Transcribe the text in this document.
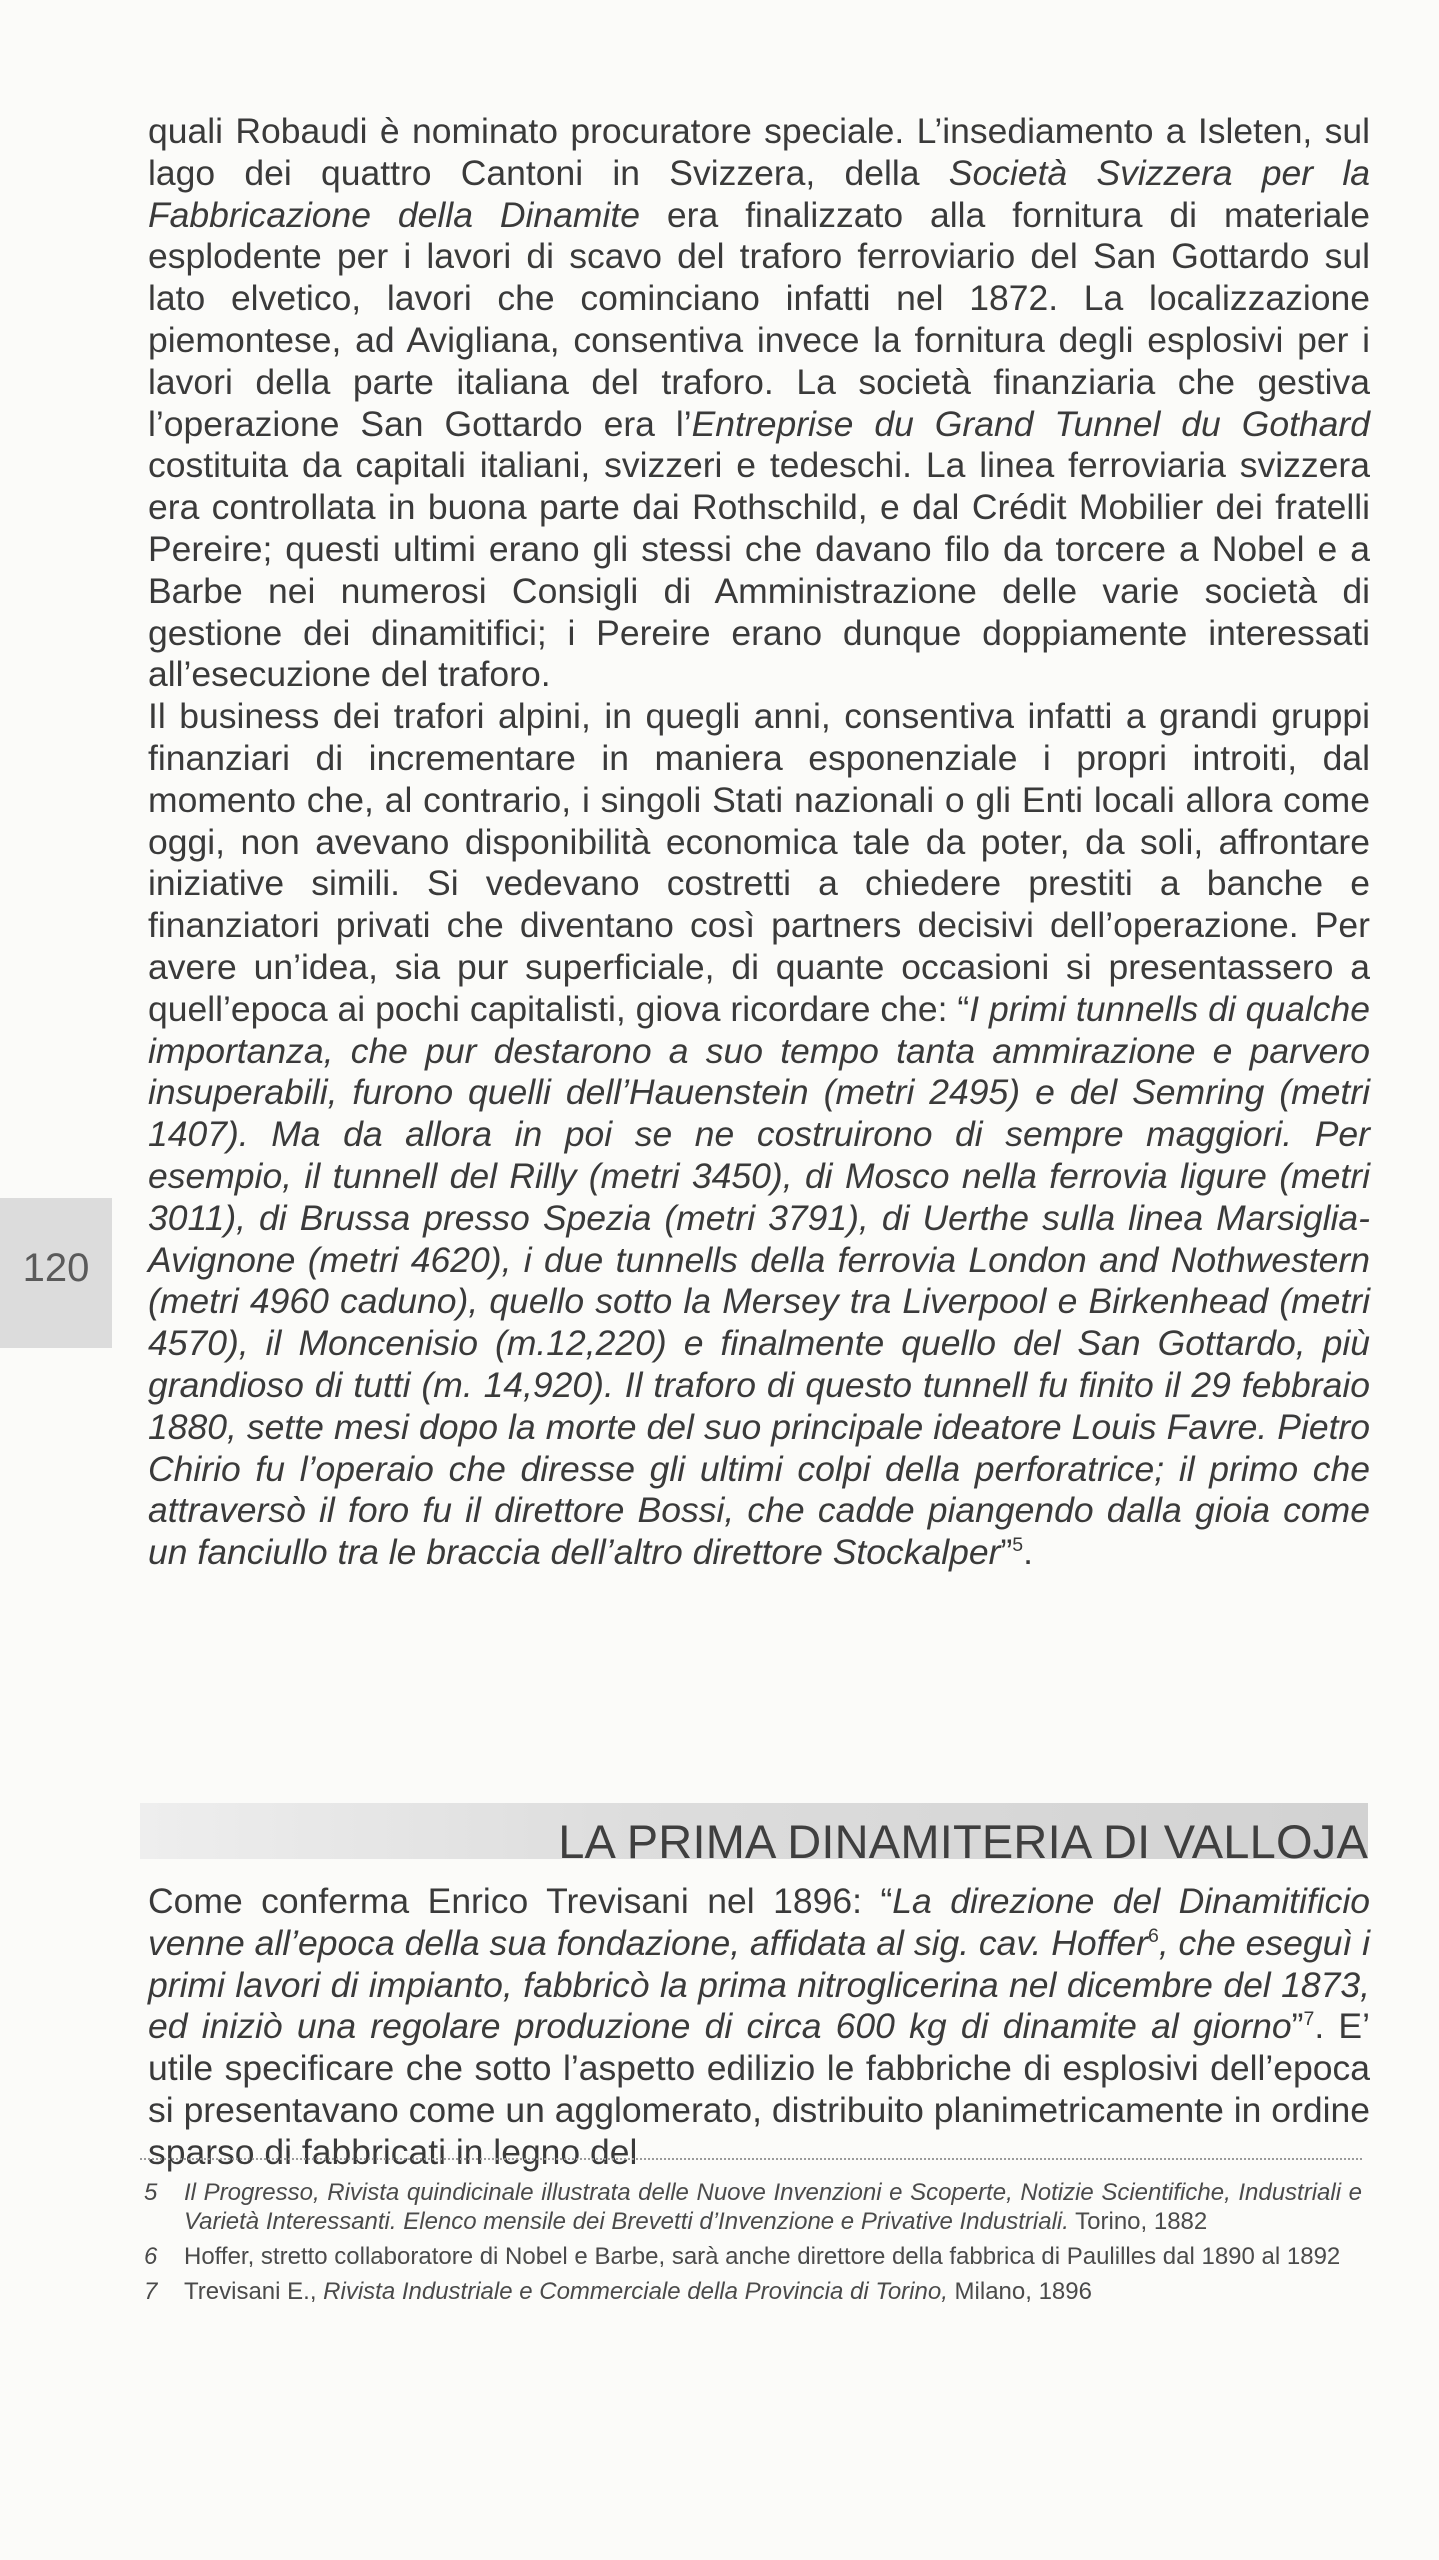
120

quali Robaudi è nominato procuratore speciale. L’insediamento a Isleten, sul lago dei quattro Cantoni in Svizzera, della Società Svizzera per la Fabbricazione della Dinamite era finalizzato alla fornitura di materiale esplodente per i lavori di scavo del traforo ferroviario del San Gottardo sul lato elvetico, lavori che cominciano infatti nel 1872. La localizzazione piemontese, ad Avigliana, consentiva invece la fornitura degli esplosivi per i lavori della parte italiana del traforo. La società finanziaria che gestiva l’operazione San Gottardo era l’Entreprise du Grand Tunnel du Gothard costituita da capitali italiani, svizzeri e tedeschi. La linea ferroviaria svizzera era controllata in buona parte dai Rothschild, e dal Crédit Mobilier dei fratelli Pereire; questi ultimi erano gli stessi che davano filo da torcere a Nobel e a Barbe nei numerosi Consigli di Amministrazione delle varie società di gestione dei dinamitifici; i Pereire erano dunque doppiamente interessati all’esecuzione del traforo.

Il business dei trafori alpini, in quegli anni, consentiva infatti a grandi gruppi finanziari di incrementare in maniera esponenziale i propri introiti, dal momento che, al contrario, i singoli Stati nazionali o gli Enti locali allora come oggi, non avevano disponibilità economica tale da poter, da soli, affrontare iniziative simili. Si vedevano costretti a chiedere prestiti a banche e finanziatori privati che diventano così partners decisivi dell’operazione. Per avere un’idea, sia pur superficiale, di quante occasioni si presentassero a quell’epoca ai pochi capitalisti, giova ricordare che: “I primi tunnells di qualche importanza, che pur destarono a suo tempo tanta ammirazione e parvero insuperabili, furono quelli dell’Hauenstein (metri 2495) e del Semring (metri 1407). Ma da allora in poi se ne costruirono di sempre maggiori. Per esempio, il tunnell del Rilly (metri 3450), di Mosco nella ferrovia ligure (metri 3011), di Brussa presso Spezia (metri 3791), di Uerthe sulla linea Marsiglia-Avignone (metri 4620), i due tunnells della ferrovia London and Nothwestern (metri 4960 caduno), quello sotto la Mersey tra Liverpool e Birkenhead (metri 4570), il Moncenisio (m.12,220) e finalmente quello del San Gottardo, più grandioso di tutti (m. 14,920). Il traforo di questo tunnell fu finito il 29 febbraio 1880, sette mesi dopo la morte del suo principale ideatore Louis Favre. Pietro Chirio fu l’operaio che diresse gli ultimi colpi della perforatrice; il primo che attraversò il foro fu il direttore Bossi, che cadde piangendo dalla gioia come un fanciullo tra le braccia dell’altro direttore Stockalper”$^5$.

LA PRIMA DINAMITERIA DI VALLOJA

Come conferma Enrico Trevisani nel 1896: “La direzione del Dinamitificio venne all’epoca della sua fondazione, affidata al sig. cav. Hoffer$^6$, che eseguì i primi lavori di impianto, fabbricò la prima nitroglicerina nel dicembre del 1873, ed iniziò una regolare produzione di circa 600 kg di dinamite al giorno”$^7$. E’ utile specificare che sotto l’aspetto edilizio le fabbriche di esplosivi dell’epoca si presentavano come un agglomerato, distribuito planimetricamente in ordine sparso di fabbricati in legno del

5 Il Progresso, Rivista quindicinale illustrata delle Nuove Invenzioni e Scoperte, Notizie Scientifiche, Industriali e Varietà Interessanti. Elenco mensile dei Brevetti d’Invenzione e Privative Industriali. Torino, 1882
6 Hoffer, stretto collaboratore di Nobel e Barbe, sarà anche direttore della fabbrica di Paulilles dal 1890 al 1892
7 Trevisani E., Rivista Industriale e Commerciale della Provincia di Torino, Milano, 1896
